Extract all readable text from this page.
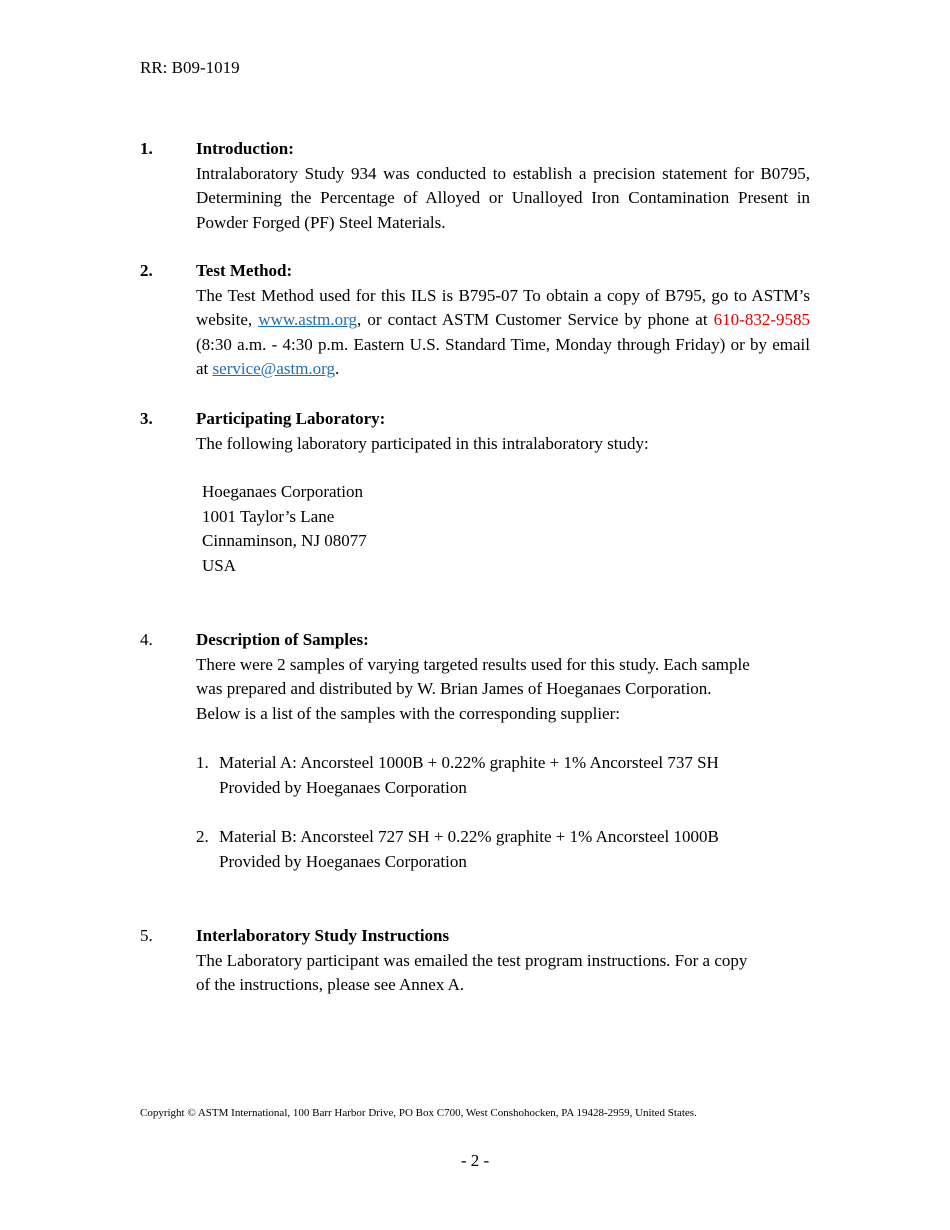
RR: B09-1019
1.	Introduction:
Intralaboratory Study 934 was conducted to establish a precision statement for B0795, Determining the Percentage of Alloyed or Unalloyed Iron Contamination Present in Powder Forged (PF) Steel Materials.
2.	Test Method:
The Test Method used for this ILS is B795-07 To obtain a copy of B795, go to ASTM’s website, www.astm.org, or contact ASTM Customer Service by phone at 610-832-9585 (8:30 a.m. - 4:30 p.m. Eastern U.S. Standard Time, Monday through Friday) or by email at service@astm.org.
3.	Participating Laboratory:
The following laboratory participated in this intralaboratory study:
Hoeganaes Corporation
1001 Taylor’s Lane
Cinnaminson, NJ 08077
USA
4.	Description of Samples:
There were 2 samples of varying targeted results used for this study. Each sample
was prepared and distributed by W. Brian James of Hoeganaes Corporation.
Below is a list of the samples with the corresponding supplier:
1. Material A: Ancorsteel 1000B + 0.22% graphite + 1% Ancorsteel 737 SH
Provided by Hoeganaes Corporation
2. Material B: Ancorsteel 727 SH + 0.22% graphite + 1% Ancorsteel 1000B
Provided by Hoeganaes Corporation
5.	Interlaboratory Study Instructions
The Laboratory participant was emailed the test program instructions. For a copy
of the instructions, please see Annex A.
Copyright © ASTM International, 100 Barr Harbor Drive, PO Box C700, West Conshohocken, PA 19428-2959, United States.
- 2 -
